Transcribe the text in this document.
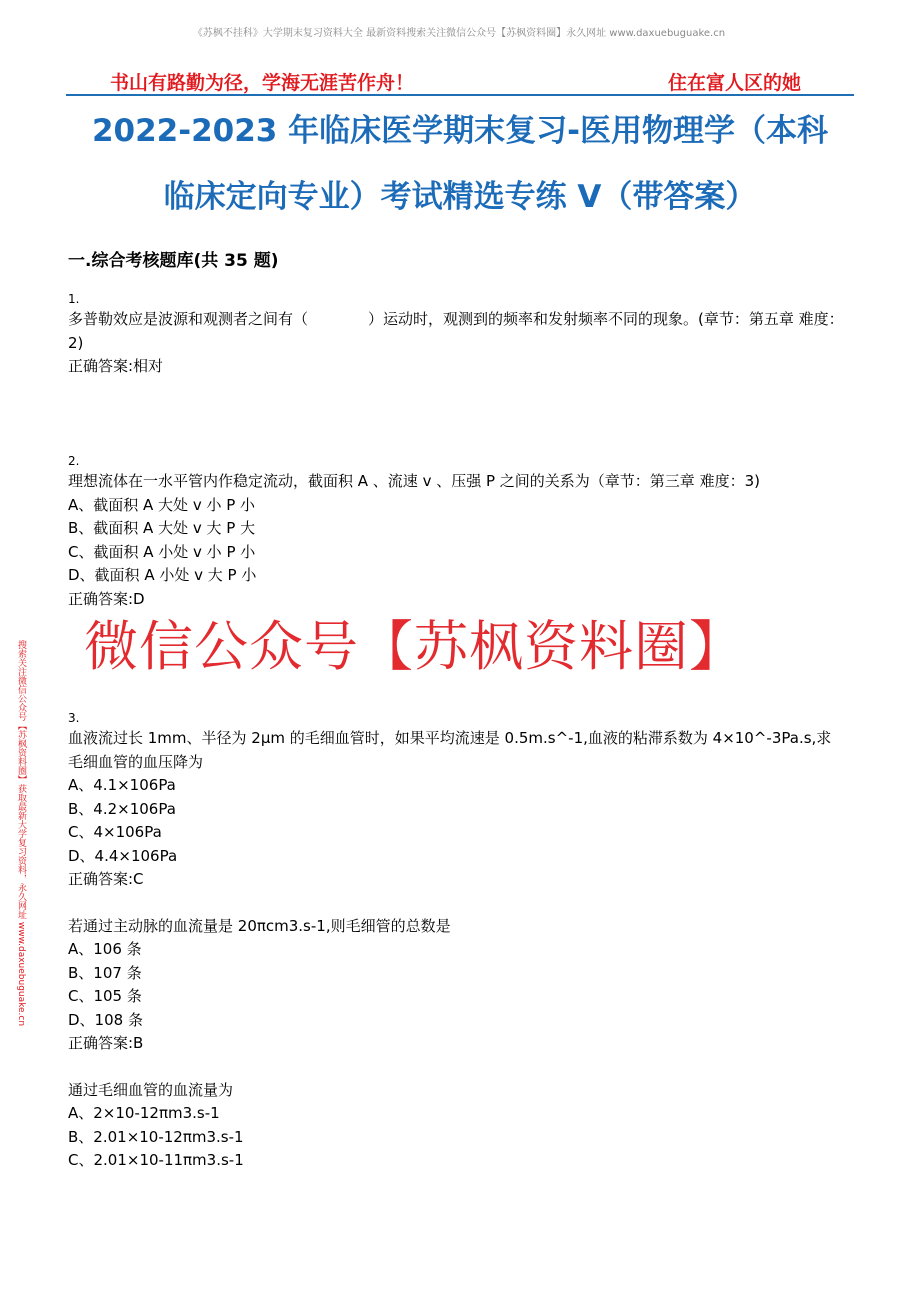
《苏枫不挂科》大学期末复习资料大全 最新资料搜索关注微信公众号【苏枫资料圈】永久网址 www.daxuebuguake.cn
书山有路勤为径，学海无涯苦作舟！	住在富人区的她
2022-2023 年临床医学期末复习-医用物理学（本科
临床定向专业）考试精选专练 V（带答案）
一.综合考核题库(共 35 题)
1.

多普勒效应是波源和观测者之间有（　　　　）运动时，观测到的频率和发射频率不同的现象。(章节：第五章 难度：2)

正确答案:相对

2.

理想流体在一水平管内作稳定流动，截面积 A 、流速 v 、压强 P 之间的关系为（章节：第三章 难度：3)

A、截面积 A 大处 v 小 P 小

B、截面积 A 大处 v 大 P 大

C、截面积 A 小处 v 小 P 小

D、截面积 A 小处 v 大 P 小

正确答案:D

3.

血液流过长 1mm、半径为 2μm 的毛细血管时，如果平均流速是 0.5m.s^-1,血液的粘滞系数为 4×10^-3Pa.s,求

毛细血管的血压降为

A、4.1×106Pa

B、4.2×106Pa

C、4×106Pa

D、4.4×106Pa

正确答案:C

若通过主动脉的血流量是 20πcm3.s-1,则毛细管的总数是

A、106 条

B、107 条

C、105 条

D、108 条

正确答案:B

通过毛细血管的血流量为

A、2×10-12πm3.s-1

B、2.01×10-12πm3.s-1

C、2.01×10-11πm3.s-1

微信公众号【苏枫资料圈】
搜索关注微信公众号【苏枫资料圈】获取最新大学复习资料，永久网址 www.daxuebuguake.cn
